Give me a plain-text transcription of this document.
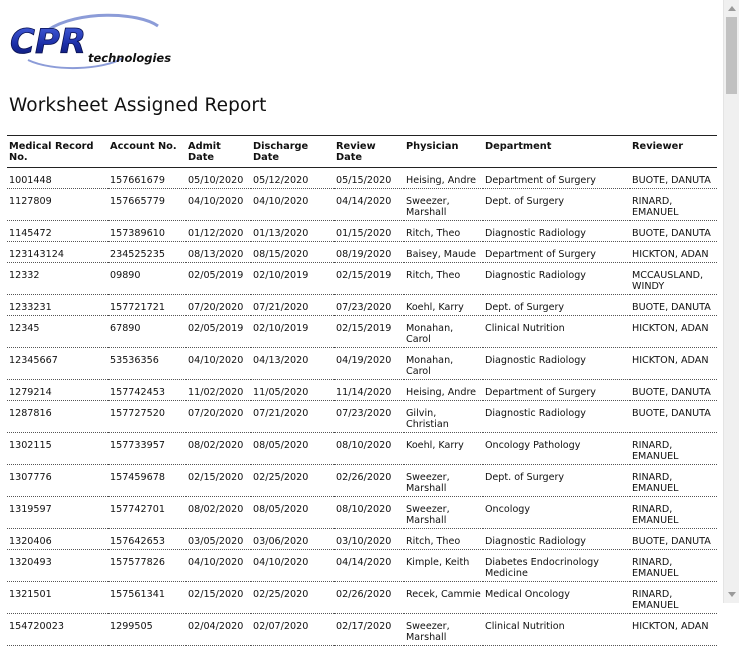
CPR technologies
Worksheet Assigned Report
Medical Record No.	Account No.	Admit Date	Discharge Date	Review Date	Physician	Department	Reviewer
1001448	157661679	05/10/2020	05/12/2020	05/15/2020	Heising, Andre	Department of Surgery	BUOTE, DANUTA
1127809	157665779	04/10/2020	04/10/2020	04/14/2020	Sweezer, Marshall	Dept. of Surgery	RINARD, EMANUEL
1145472	157389610	01/12/2020	01/13/2020	01/15/2020	Ritch, Theo	Diagnostic Radiology	BUOTE, DANUTA
123143124	234525235	08/13/2020	08/15/2020	08/19/2020	Baisey, Maude	Department of Surgery	HICKTON, ADAN
12332	09890	02/05/2019	02/10/2019	02/15/2019	Ritch, Theo	Diagnostic Radiology	MCCAUSLAND, WINDY
1233231	157721721	07/20/2020	07/21/2020	07/23/2020	Koehl, Karry	Dept. of Surgery	BUOTE, DANUTA
12345	67890	02/05/2019	02/10/2019	02/15/2019	Monahan, Carol	Clinical Nutrition	HICKTON, ADAN
12345667	53536356	04/10/2020	04/13/2020	04/19/2020	Monahan, Carol	Diagnostic Radiology	HICKTON, ADAN
1279214	157742453	11/02/2020	11/05/2020	11/14/2020	Heising, Andre	Department of Surgery	BUOTE, DANUTA
1287816	157727520	07/20/2020	07/21/2020	07/23/2020	Gilvin, Christian	Diagnostic Radiology	BUOTE, DANUTA
1302115	157733957	08/02/2020	08/05/2020	08/10/2020	Koehl, Karry	Oncology Pathology	RINARD, EMANUEL
1307776	157459678	02/15/2020	02/25/2020	02/26/2020	Sweezer, Marshall	Dept. of Surgery	RINARD, EMANUEL
1319597	157742701	08/02/2020	08/05/2020	08/10/2020	Sweezer, Marshall	Oncology	RINARD, EMANUEL
1320406	157642653	03/05/2020	03/06/2020	03/10/2020	Ritch, Theo	Diagnostic Radiology	BUOTE, DANUTA
1320493	157577826	04/10/2020	04/10/2020	04/14/2020	Kimple, Keith	Diabetes Endocrinology Medicine	RINARD, EMANUEL
1321501	157561341	02/15/2020	02/25/2020	02/26/2020	Recek, Cammie	Medical Oncology	RINARD, EMANUEL
154720023	1299505	02/04/2020	02/07/2020	02/17/2020	Sweezer, Marshall	Clinical Nutrition	HICKTON, ADAN
